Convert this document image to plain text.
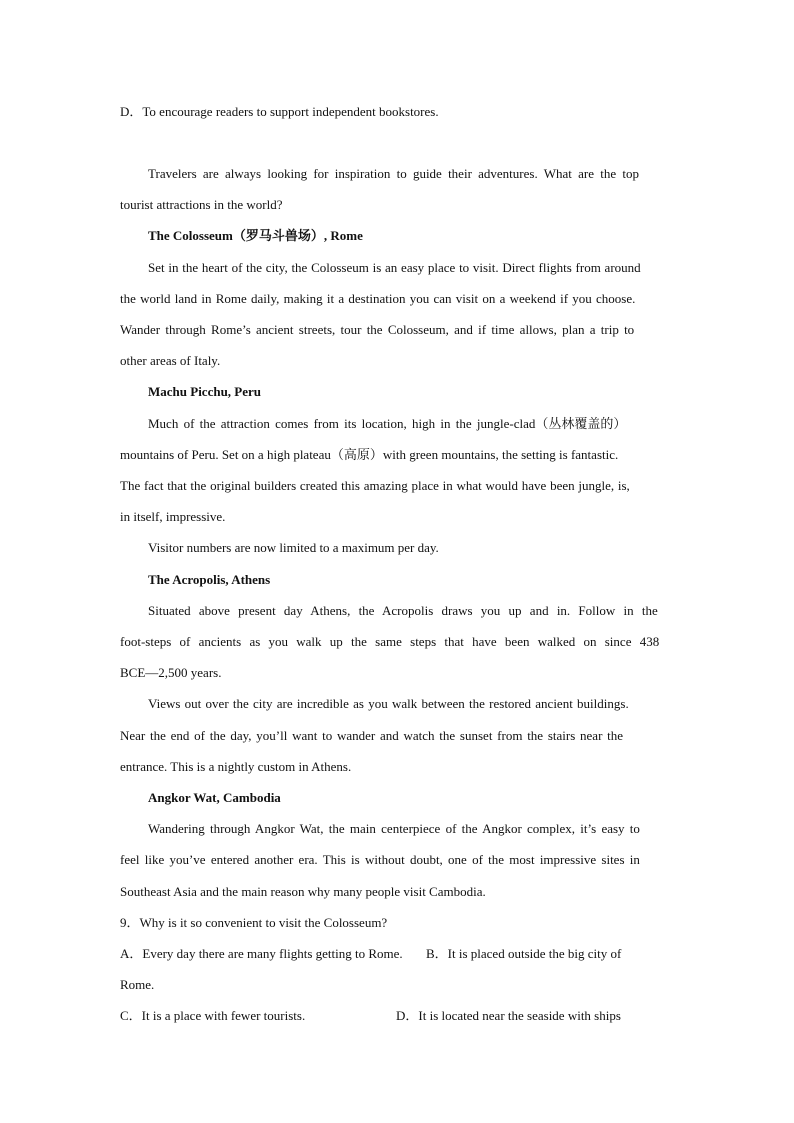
D．To encourage readers to support independent bookstores.
Travelers are always looking for inspiration to guide their adventures. What are the top
tourist attractions in the world?
The Colosseum（罗马斗兽场）, Rome
Set in the heart of the city, the Colosseum is an easy place to visit. Direct flights from around
the world land in Rome daily, making it a destination you can visit on a weekend if you choose.
Wander through Rome’s ancient streets, tour the Colosseum, and if time allows, plan a trip to
other areas of Italy.
Machu Picchu, Peru
Much of the attraction comes from its location, high in the jungle-clad（丛林覆盖的）
mountains of Peru. Set on a high plateau（高原）with green mountains, the setting is fantastic.
The fact that the original builders created this amazing place in what would have been jungle, is,
in itself, impressive.
Visitor numbers are now limited to a maximum per day.
The Acropolis, Athens
Situated above present day Athens, the Acropolis draws you up and in. Follow in the
foot-steps of ancients as you walk up the same steps that have been walked on since 438
BCE—2,500 years.
Views out over the city are incredible as you walk between the restored ancient buildings.
Near the end of the day, you’ll want to wander and watch the sunset from the stairs near the
entrance. This is a nightly custom in Athens.
Angkor Wat, Cambodia
Wandering through Angkor Wat, the main centerpiece of the Angkor complex, it’s easy to
feel like you’ve entered another era. This is without doubt, one of the most impressive sites in
Southeast Asia and the main reason why many people visit Cambodia.
9．Why is it so convenient to visit the Colosseum?
A．Every day there are many flights getting to Rome. B．It is placed outside the big city of
Rome.
C．It is a place with fewer tourists.	D．It is located near the seaside with ships
